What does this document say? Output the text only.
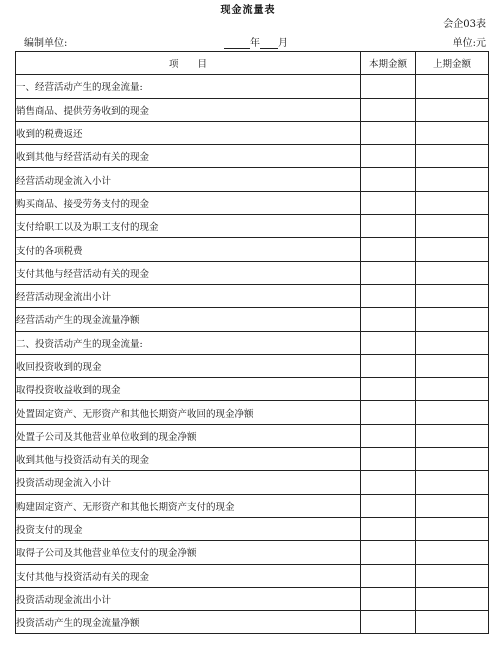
现金流量表
会企03表
编制单位:	年 月	单位:元
项　　目	本期金额	上期金额
一、经营活动产生的现金流量:		
销售商品、提供劳务收到的现金		
收到的税费返还		
收到其他与经营活动有关的现金		
经营活动现金流入小计		
购买商品、接受劳务支付的现金		
支付给职工以及为职工支付的现金		
支付的各项税费		
支付其他与经营活动有关的现金		
经营活动现金流出小计		
经营活动产生的现金流量净额		
二、投资活动产生的现金流量:		
收回投资收到的现金		
取得投资收益收到的现金		
处置固定资产、无形资产和其他长期资产收回的现金净额		
处置子公司及其他营业单位收到的现金净额		
收到其他与投资活动有关的现金		
投资活动现金流入小计		
购建固定资产、无形资产和其他长期资产支付的现金		
投资支付的现金		
取得子公司及其他营业单位支付的现金净额		
支付其他与投资活动有关的现金		
投资活动现金流出小计		
投资活动产生的现金流量净额		
